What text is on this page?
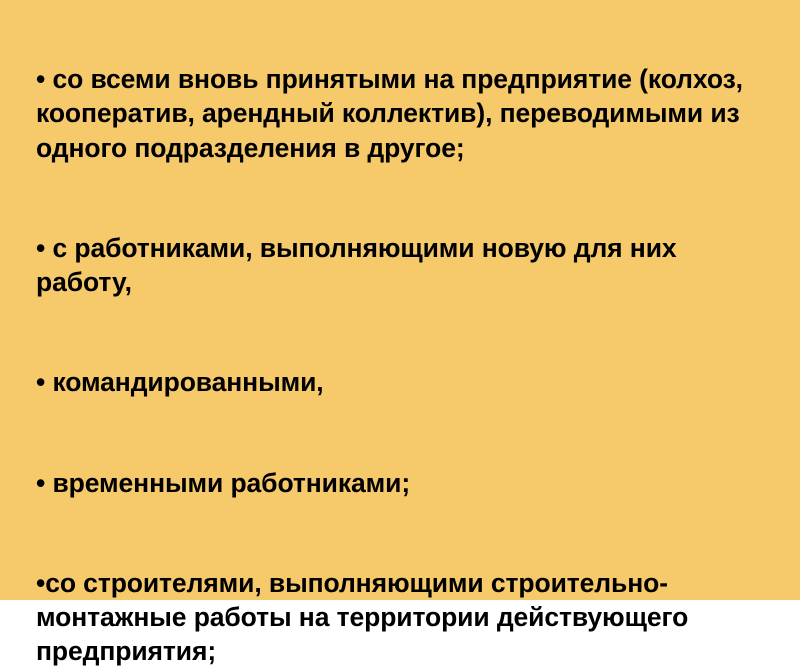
• со всеми вновь принятыми на предприятие (колхоз, кооператив, арендный коллектив), переводимыми из одного подразделения в другое;

• с работниками, выполняющими новую для них работу,

• командированными,

• временными работниками;

•со строителями, выполняющими строительно-монтажные работы на территории действующего предприятия;
